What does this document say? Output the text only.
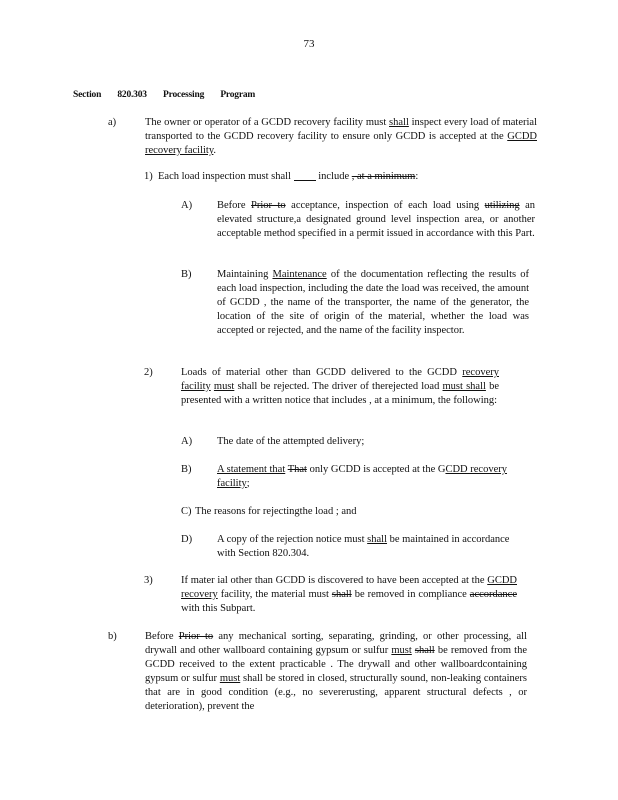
73
Section 820.303 Processing Program
a)	The owner or operator of a GCDD recovery facility must shall inspect every load of material transported to the GCDD recovery facility to ensure only GCDD is accepted at the GCDD recovery facility.
1) Each load inspection must shall  include , at a minimum:
A) Before Prior to acceptance, inspection of each load using utilizing an elevated structure,a designated ground level inspection area, or another acceptable method specified in a permit issued in accordance with this Part.
B) Maintaining Maintenance of the documentation reflecting the results of each load inspection, including the date the load was received, the amount of GCDD , the name of the transporter, the name of the generator, the location of the site of origin of the material, whether the load was accepted or rejected, and the name of the facility inspector.
2)	Loads of material other than GCDD delivered to the GCDD recovery facility must shall be rejected. The driver of therejected load must shall be presented with a written notice that includes , at a minimum, the following:
A) The date of the attempted delivery;
B) A statement that That only GCDD is accepted at the GCDD recovery facility;
C) The reasons for rejectingthe load ; and
D) A copy of the rejection notice must shall be maintained in accordance with Section 820.304.
3)	If mater ial other than GCDD is discovered to have been accepted at the GCDD recovery facility, the material must shall be removed in compliance accordance with this Subpart.
b)	Before Prior to any mechanical sorting, separating, grinding, or other processing, all drywall and other wallboard containing gypsum or sulfur must shall be removed from the GCDD received to the extent practicable . The drywall and other wallboardcontaining gypsum or sulfur must shall be stored in closed, structurally sound, non-leaking containers that are in good condition (e.g., no severerusting, apparent structural defects , or deterioration), prevent the
